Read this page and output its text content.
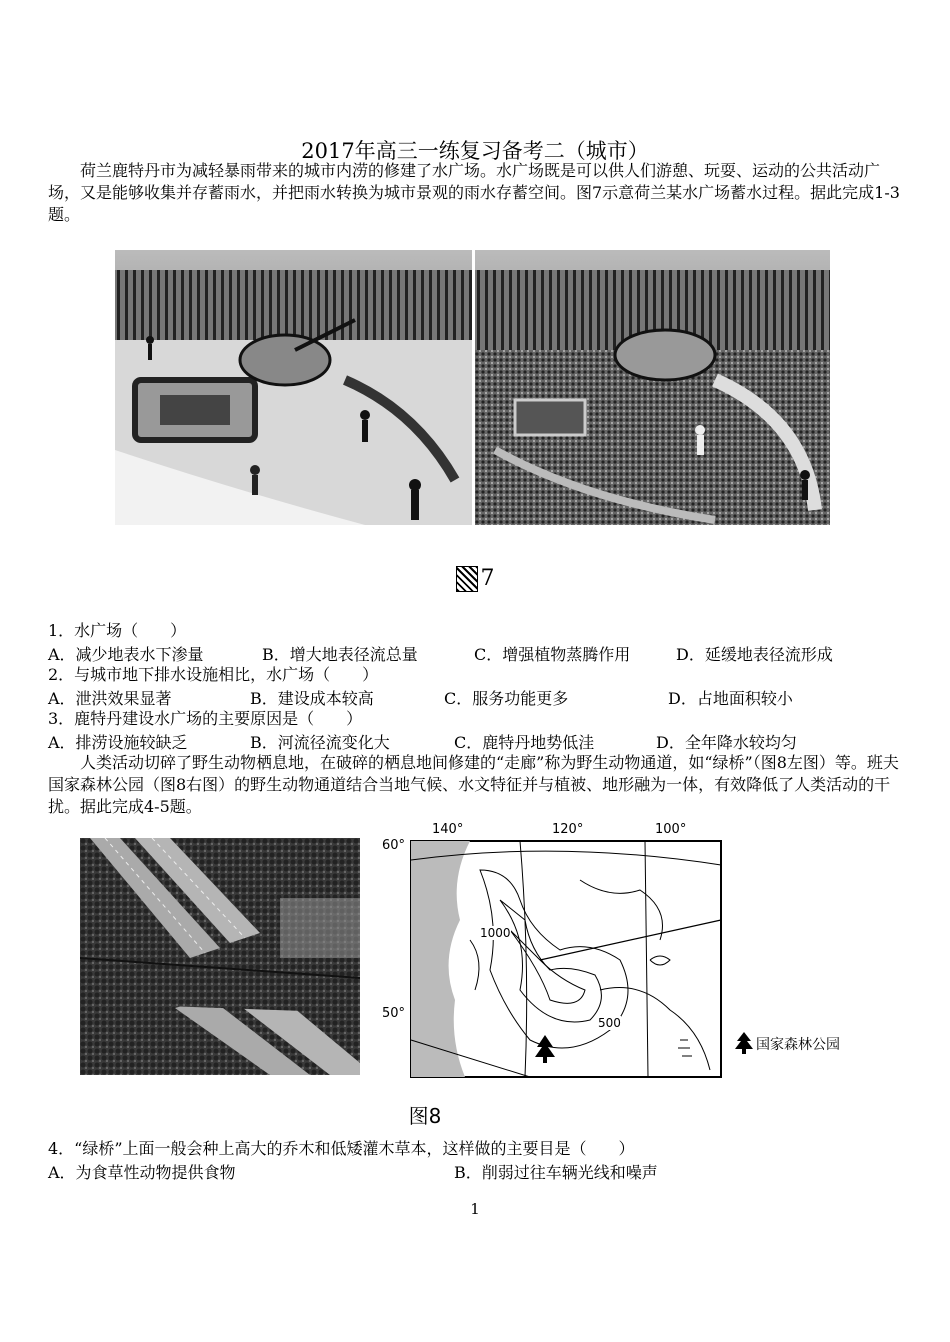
2017年高三一练复习备考二（城市）
荷兰鹿特丹市为减轻暴雨带来的城市内涝的修建了水广场。水广场既是可以供人们游憩、玩耍、运动的公共活动广场，又是能够收集并存蓄雨水，并把雨水转换为城市景观的雨水存蓄空间。图7示意荷兰某水广场蓄水过程。据此完成1-3题。
7
1．水广场（　　）
A．减少地表水下渗量	B．增大地表径流总量	C．增强植物蒸腾作用	D．延缓地表径流形成
2．与城市地下排水设施相比，水广场（　　）
A．泄洪效果显著	B．建设成本较高	C．服务功能更多	D．占地面积较小
3．鹿特丹建设水广场的主要原因是（　　）
A．排涝设施较缺乏	B．河流径流变化大	C．鹿特丹地势低洼	D．全年降水较均匀
人类活动切碎了野生动物栖息地，在破碎的栖息地间修建的“走廊”称为野生动物通道，如“绿桥”（图8左图）等。班夫国家森林公园（图8右图）的野生动物通道结合当地气候、水文特征并与植被、地形融为一体，有效降低了人类活动的干扰。据此完成4-5题。
60°
50°
140°	120°	100°
1000
500
国家森林公园
图8
4．“绿桥”上面一般会种上高大的乔木和低矮灌木草本，这样做的主要目是（　　）
A．为食草性动物提供食物	B．削弱过往车辆光线和噪声
1
